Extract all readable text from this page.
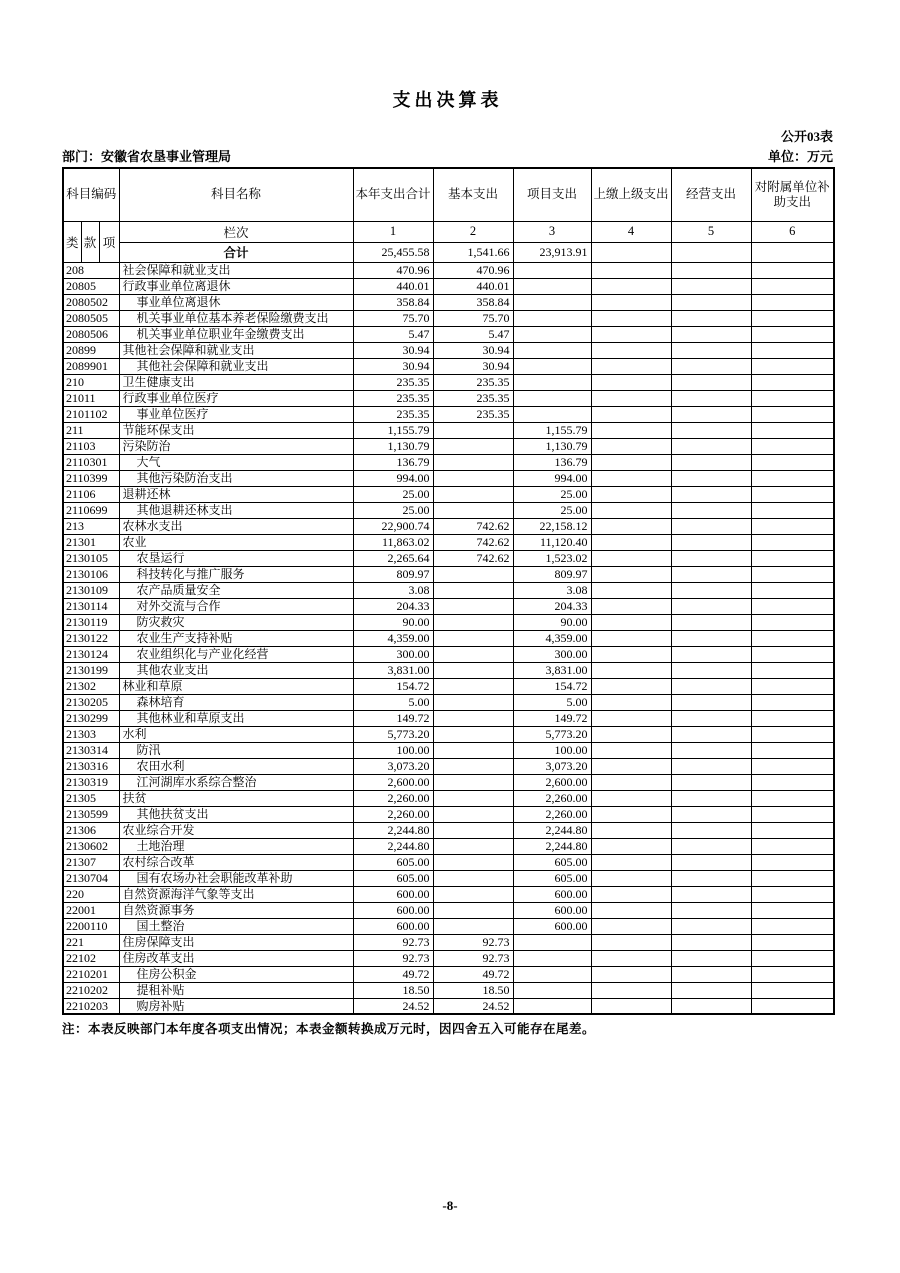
支出决算表
公开03表
部门：安徽省农垦事业管理局	单位：万元
科目编码			科目名称	本年支出合计	基本支出	项目支出	上缴上级支出	经营支出	对附属单位补助支出
类	款	项	栏次	1	2	3	4	5	6
			合计	25,455.58	1,541.66	23,913.91			
208			社会保障和就业支出	470.96	470.96				
20805			行政事业单位离退休	440.01	440.01				
2080502			事业单位离退休	358.84	358.84				
2080505			机关事业单位基本养老保险缴费支出	75.70	75.70				
2080506			机关事业单位职业年金缴费支出	5.47	5.47				
20899			其他社会保障和就业支出	30.94	30.94				
2089901			其他社会保障和就业支出	30.94	30.94				
210			卫生健康支出	235.35	235.35				
21011			行政事业单位医疗	235.35	235.35				
2101102			事业单位医疗	235.35	235.35				
211			节能环保支出	1,155.79		1,155.79			
21103			污染防治	1,130.79		1,130.79			
2110301			大气	136.79		136.79			
2110399			其他污染防治支出	994.00		994.00			
21106			退耕还林	25.00		25.00			
2110699			其他退耕还林支出	25.00		25.00			
213			农林水支出	22,900.74	742.62	22,158.12			
21301			农业	11,863.02	742.62	11,120.40			
2130105			农垦运行	2,265.64	742.62	1,523.02			
2130106			科技转化与推广服务	809.97		809.97			
2130109			农产品质量安全	3.08		3.08			
2130114			对外交流与合作	204.33		204.33			
2130119			防灾救灾	90.00		90.00			
2130122			农业生产支持补贴	4,359.00		4,359.00			
2130124			农业组织化与产业化经营	300.00		300.00			
2130199			其他农业支出	3,831.00		3,831.00			
21302			林业和草原	154.72		154.72			
2130205			森林培育	5.00		5.00			
2130299			其他林业和草原支出	149.72		149.72			
21303			水利	5,773.20		5,773.20			
2130314			防汛	100.00		100.00			
2130316			农田水利	3,073.20		3,073.20			
2130319			江河湖库水系综合整治	2,600.00		2,600.00			
21305			扶贫	2,260.00		2,260.00			
2130599			其他扶贫支出	2,260.00		2,260.00			
21306			农业综合开发	2,244.80		2,244.80			
2130602			土地治理	2,244.80		2,244.80			
21307			农村综合改革	605.00		605.00			
2130704			国有农场办社会职能改革补助	605.00		605.00			
220			自然资源海洋气象等支出	600.00		600.00			
22001			自然资源事务	600.00		600.00			
2200110			国土整治	600.00		600.00			
221			住房保障支出	92.73	92.73				
22102			住房改革支出	92.73	92.73				
2210201			住房公积金	49.72	49.72				
2210202			提租补贴	18.50	18.50				
2210203			购房补贴	24.52	24.52				
注：本表反映部门本年度各项支出情况；本表金额转换成万元时，因四舍五入可能存在尾差。
-8-
